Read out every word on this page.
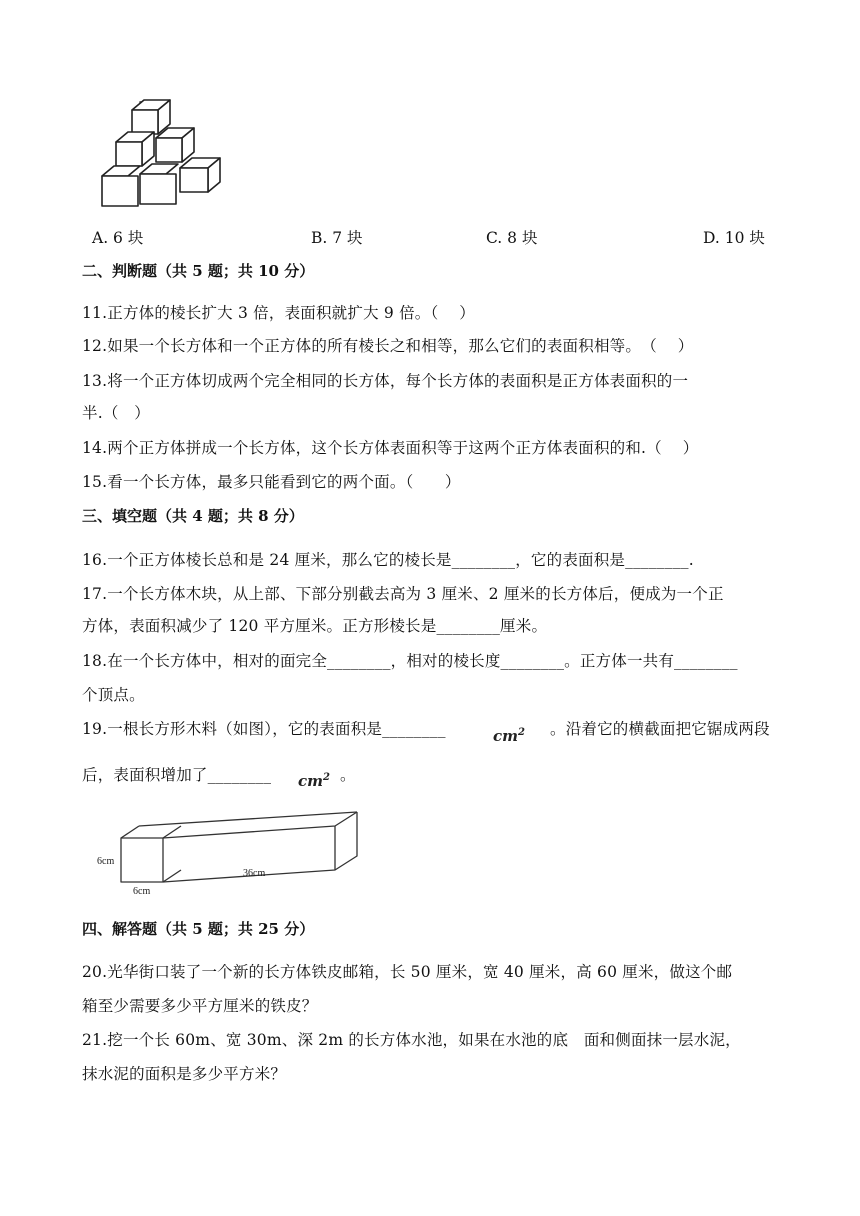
A. 6 块	B. 7 块	C. 8 块	D. 10 块
二、判断题（共 5 题；共 10 分）
11.正方体的棱长扩大 3 倍，表面积就扩大 9 倍。（　 ）
12.如果一个长方体和一个正方体的所有棱长之和相等，那么它们的表面积相等。　（　 ）
13.将一个正方体切成两个完全相同的长方体，每个长方体的表面积是正方体表面积的一
半.（　）
14.两个正方体拼成一个长方体，这个长方体表面积等于这两个正方体表面积的和.（　 ）
15.看一个长方体，最多只能看到它的两个面。（　　）
三、填空题（共 4 题；共 8 分）
16.一个正方体棱长总和是 24 厘米，那么它的棱长是________，它的表面积是________.
17.一个长方体木块，从上部、下部分别截去高为 3 厘米、2 厘米的长方体后，便成为一个正
方体，表面积减少了 120 平方厘米。正方形棱长是________厘米。
18.在一个长方体中，相对的面完全________，相对的棱长度________。正方体一共有________
个顶点。
19.一根长方形木料（如图），它的表面积是________	$cm^2$ 。沿着它的横截面把它锯成两段
后，表面积增加了________ $cm^2$ 。
6cm
6cm
36cm
四、解答题（共 5 题；共 25 分）
20.光华街口装了一个新的长方体铁皮邮箱，长 50 厘米，宽 40 厘米，高 60 厘米，做这个邮
箱至少需要多少平方厘米的铁皮？
21.挖一个长 60m、宽 30m、深 2m 的长方体水池，如果在水池的底　面和侧面抹一层水泥，
抹水泥的面积是多少平方米？
